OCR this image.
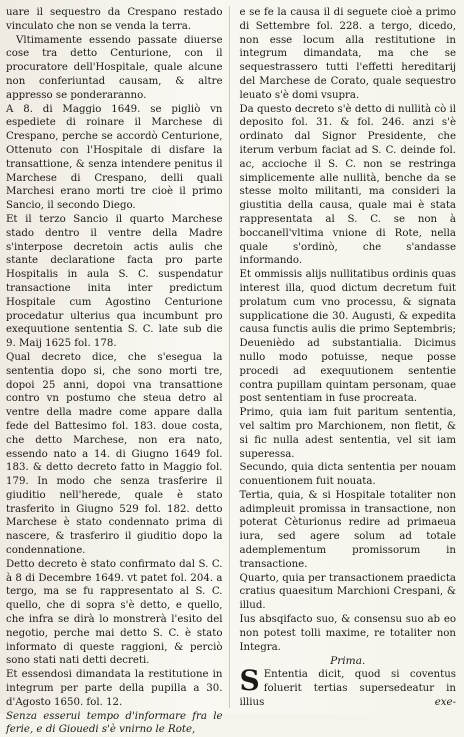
uare il sequestro da Crespano restado vinculato che non se venda la terra.

Vltimamente essendo passate diuerse cose tra detto Centurione, con il procuratore dell'Hospitale, quale alcune non conferiuntad causam, & altre appresso se ponderaranno.

A 8. di Maggio 1649. se pigliò vn espediete di roinare il Marchese di Crespano, perche se accordò Centurione, Ottenuto con l'Hospitale di disfare la transattione, & senza intendere penitus il Marchese di Crespano, delli quali Marchesi erano morti tre cioè il primo Sancio, il secondo Diego.

Et il terzo Sancio il quarto Marchese stado dentro il ventre della Madre s'interpose decretoin actis aulis che stante declaratione facta pro parte Hospitalis in aula S. C. suspendatur transactione inita inter predictum Hospitale cum Agostino Centurione procedatur ulterius qua incumbunt pro exequutione sententia S. C. late sub die 9. Maij 1625 fol. 178.

Qual decreto dice, che s'esegua la sententia dopo si, che sono morti tre, dopoi 25 anni, dopoi vna transattione contro vn postumo che steua detro al ventre della madre come appare dalla fede del Battesimo fol. 183. doue costa, che detto Marchese, non era nato, essendo nato a 14. di Giugno 1649 fol. 183. & detto decreto fatto in Maggio fol. 179. In modo che senza trasferire il giuditio nell'herede, quale è stato trasferito in Giugno 529 fol. 182. detto Marchese è stato condennato prima di nascere, & trasferiro il giuditio dopo la condennatione.

Detto decreto è stato confirmato dal S. C. à 8 di Decembre 1649. vt patet fol. 204. a tergo, ma se fu rappresentato al S. C. quello, che di sopra s'è detto, e quello, che infra se dirà lo monstrerà l'esito del negotio, perche mai detto S. C. è stato informato di queste raggioni, & perciò sono stati nati detti decreti.

Et essendosi dimandata la restitutione in integrum per parte della pupilla a 30. d'Agosto 1650. fol. 12.

Senza esserui tempo d'informare fra le ferie, e di Giouedi s'è vnirno le Rote,

e se fe la causa il di seguete cioè a primo di Settembre fol. 228. a tergo, dicedo, non esse locum alla restitutione in integrum dimandata, ma che se sequestrassero tutti l'effetti hereditarij del Marchese de Corato, quale sequestro leuato s'è domi vsupra.

Da questo decreto s'è detto di nullità cò il deposito fol. 31. & fol. 246. anzi s'è ordinato dal Signor Presidente, che iterum verbum faciat ad S. C. deinde fol. ac, accioche il S. C. non se restringa simplicemente alle nullità, benche da se stesse molto militanti, ma consideri la giustitia della causa, quale mai è stata rappresentata al S. C. se non à boccanell'vltima vnione di Rote, nella quale s'ordinò, che s'andasse informando.

Et ommissis alijs nullitatibus ordinis quas interest illa, quod dictum decretum fuit prolatum cum vno processu, & signata supplicatione die 30. Augusti, & expedita causa functis aulis die primo Septembris; Deuenièdo ad substantialia. Dicimus nullo modo potuisse, neque posse procedi ad exequutionem sententie contra pupillam quintam personam, quae post sententiam in fuse procreata.

Primo, quia iam fuit paritum sententia, vel saltim pro Marchionem, non fletit, & si fic nulla adest sententia, vel sit iam superessa.

Secundo, quia dicta sententia per nouam conuentionem fuit nouata.

Tertia, quia, & si Hospitale totaliter non adimpleuit promissa in transactione, non poterat Cèturionus redire ad primaeua iura, sed agere solum ad totale ademplementum promissorum in transactione.

Quarto, quia per transactionem praedicta cratius quaesitum Marchioni Crespani, & illud.

Ius absqifacto suo, & consensu suo ab eo non potest tolli maxime, re totaliter non Integra.

Prima.

S Ententia dicit, quod si coventus foluerit tertias supersedeatur in illius	exe-
